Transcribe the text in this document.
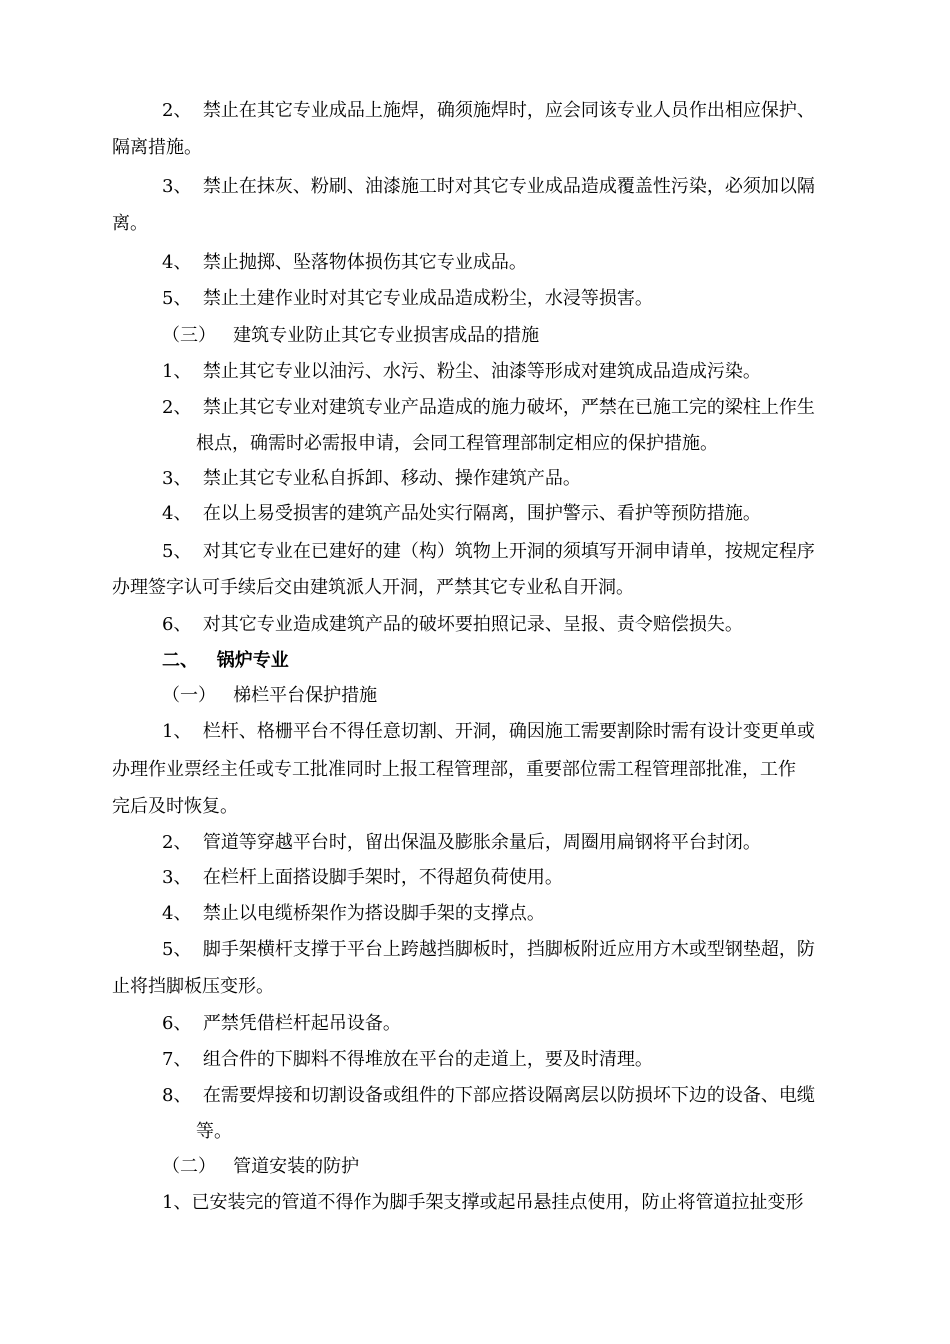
2、  禁止在其它专业成品上施焊，确须施焊时，应会同该专业人员作出相应保护、
隔离措施。
3、  禁止在抹灰、粉刷、油漆施工时对其它专业成品造成覆盖性污染，必须加以隔
离。
4、  禁止抛掷、坠落物体损伤其它专业成品。
5、  禁止土建作业时对其它专业成品造成粉尘，水浸等损害。
（三）   建筑专业防止其它专业损害成品的措施
1、  禁止其它专业以油污、水污、粉尘、油漆等形成对建筑成品造成污染。
2、  禁止其它专业对建筑专业产品造成的施力破坏，严禁在已施工完的梁柱上作生
根点，确需时必需报申请，会同工程管理部制定相应的保护措施。
3、  禁止其它专业私自拆卸、移动、操作建筑产品。
4、  在以上易受损害的建筑产品处实行隔离，围护警示、看护等预防措施。
5、  对其它专业在已建好的建（构）筑物上开洞的须填写开洞申请单，按规定程序
办理签字认可手续后交由建筑派人开洞，严禁其它专业私自开洞。
6、  对其它专业造成建筑产品的破坏要拍照记录、呈报、责令赔偿损失。
二、   锅炉专业
（一）   梯栏平台保护措施
1、  栏杆、格栅平台不得任意切割、开洞，确因施工需要割除时需有设计变更单或
办理作业票经主任或专工批准同时上报工程管理部，重要部位需工程管理部批准，工作
完后及时恢复。
2、  管道等穿越平台时，留出保温及膨胀余量后，周圈用扁钢将平台封闭。
3、  在栏杆上面搭设脚手架时，不得超负荷使用。
4、  禁止以电缆桥架作为搭设脚手架的支撑点。
5、  脚手架横杆支撑于平台上跨越挡脚板时，挡脚板附近应用方木或型钢垫超，防
止将挡脚板压变形。
6、  严禁凭借栏杆起吊设备。
7、  组合件的下脚料不得堆放在平台的走道上，要及时清理。
8、  在需要焊接和切割设备或组件的下部应搭设隔离层以防损坏下边的设备、电缆
等。
（二）   管道安装的防护
1、已安装完的管道不得作为脚手架支撑或起吊悬挂点使用，防止将管道拉扯变形
